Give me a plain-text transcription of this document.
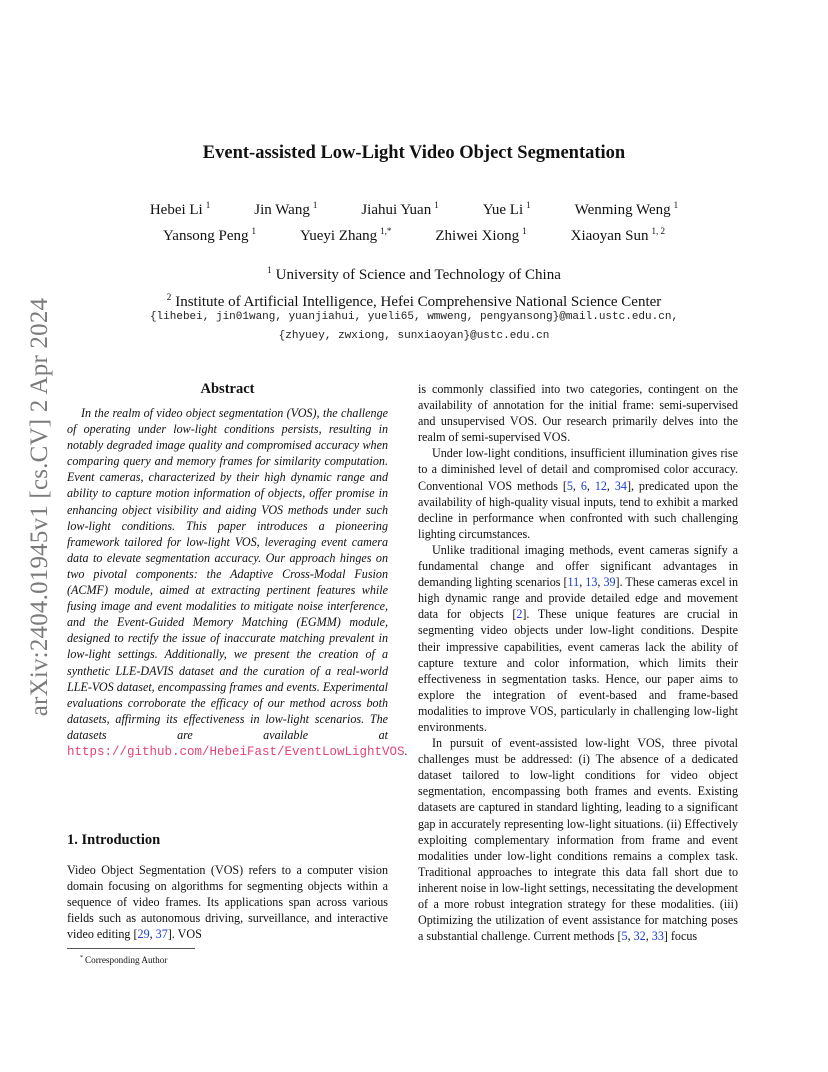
arXiv:2404.01945v1 [cs.CV] 2 Apr 2024
Event-assisted Low-Light Video Object Segmentation
Hebei Li $^1$	Jin Wang $^1$	Jiahui Yuan $^1$	Yue Li $^1$	Wenming Weng $^1$
Yansong Peng $^1$	Yueyi Zhang $^{1,*}$	Zhiwei Xiong $^1$	Xiaoyan Sun $^{1, 2}$
$^1$ University of Science and Technology of China
$^2$ Institute of Artificial Intelligence, Hefei Comprehensive National Science Center
{lihebei, jin01wang, yuanjiahui, yueli65, wmweng, pengyansong}@mail.ustc.edu.cn,
{zhyuey, zwxiong, sunxiaoyan}@ustc.edu.cn
Abstract

In the realm of video object segmentation (VOS), the challenge of operating under low-light conditions persists, resulting in notably degraded image quality and compromised accuracy when comparing query and memory frames for similarity computation. Event cameras, characterized by their high dynamic range and ability to capture motion information of objects, offer promise in enhancing object visibility and aiding VOS methods under such low-light conditions. This paper introduces a pioneering framework tailored for low-light VOS, leveraging event camera data to elevate segmentation accuracy. Our approach hinges on two pivotal components: the Adaptive Cross-Modal Fusion (ACMF) module, aimed at extracting pertinent features while fusing image and event modalities to mitigate noise interference, and the Event-Guided Memory Matching (EGMM) module, designed to rectify the issue of inaccurate matching prevalent in low-light settings. Additionally, we present the creation of a synthetic LLE-DAVIS dataset and the curation of a real-world LLE-VOS dataset, encompassing frames and events. Experimental evaluations corroborate the efficacy of our method across both datasets, affirming its effectiveness in low-light scenarios. The datasets are available at https://github.com/HebeiFast/EventLowLightVOS.

1. Introduction

Video Object Segmentation (VOS) refers to a computer vision domain focusing on algorithms for segmenting objects within a sequence of video frames. Its applications span across various fields such as autonomous driving, surveillance, and interactive video editing [29, 37]. VOS

is commonly classified into two categories, contingent on the availability of annotation for the initial frame: semi-supervised and unsupervised VOS. Our research primarily delves into the realm of semi-supervised VOS.

Under low-light conditions, insufficient illumination gives rise to a diminished level of detail and compromised color accuracy. Conventional VOS methods [5, 6, 12, 34], predicated upon the availability of high-quality visual inputs, tend to exhibit a marked decline in performance when confronted with such challenging lighting circumstances.

Unlike traditional imaging methods, event cameras signify a fundamental change and offer significant advantages in demanding lighting scenarios [11, 13, 39]. These cameras excel in high dynamic range and provide detailed edge and movement data for objects [2]. These unique features are crucial in segmenting video objects under low-light conditions. Despite their impressive capabilities, event cameras lack the ability of capture texture and color information, which limits their effectiveness in segmentation tasks. Hence, our paper aims to explore the integration of event-based and frame-based modalities to improve VOS, particularly in challenging low-light environments.

In pursuit of event-assisted low-light VOS, three pivotal challenges must be addressed: (i) The absence of a dedicated dataset tailored to low-light conditions for video object segmentation, encompassing both frames and events. Existing datasets are captured in standard lighting, leading to a significant gap in accurately representing low-light situations. (ii) Effectively exploiting complementary information from frame and event modalities under low-light conditions remains a complex task. Traditional approaches to integrate this data fall short due to inherent noise in low-light settings, necessitating the development of a more robust integration strategy for these modalities. (iii) Optimizing the utilization of event assistance for matching poses a substantial challenge. Current methods [5, 32, 33] focus

* Corresponding Author
